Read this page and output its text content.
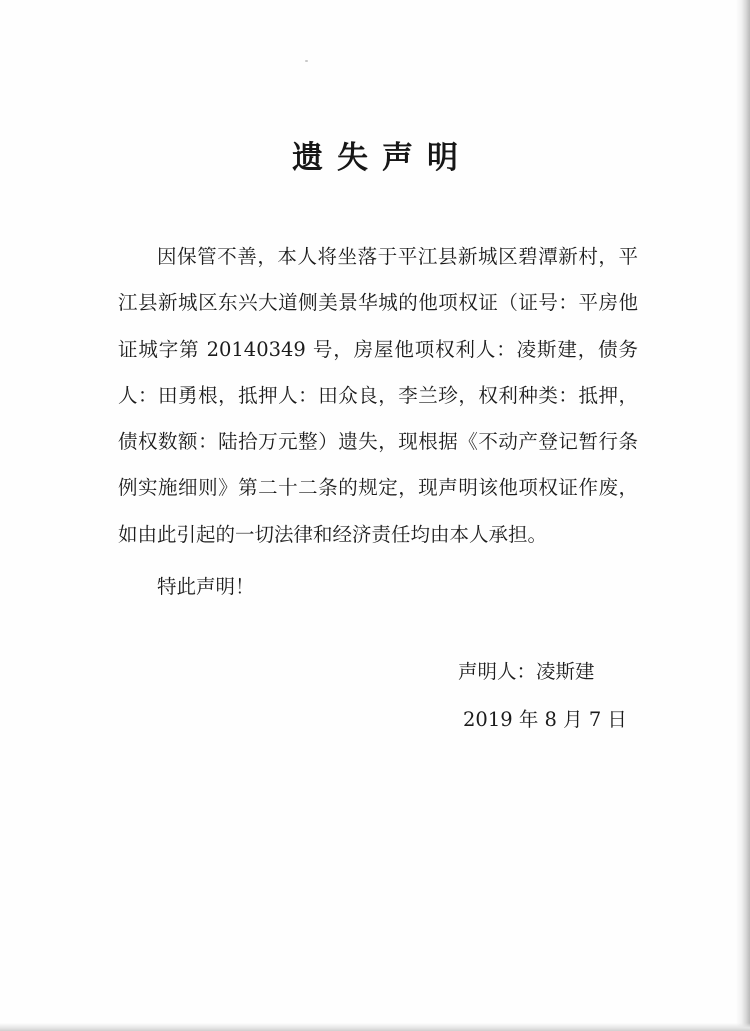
遗失声明

因保管不善，本人将坐落于平江县新城区碧潭新村，平江县新城区东兴大道侧美景华城的他项权证（证号：平房他证城字第 20140349 号，房屋他项权利人：凌斯建，债务人：田勇根，抵押人：田众良，李兰珍，权利种类：抵押，债权数额：陆拾万元整）遗失，现根据《不动产登记暂行条例实施细则》第二十二条的规定，现声明该他项权证作废，如由此引起的一切法律和经济责任均由本人承担。

特此声明！

声明人：凌斯建

2019 年 8 月 7 日
